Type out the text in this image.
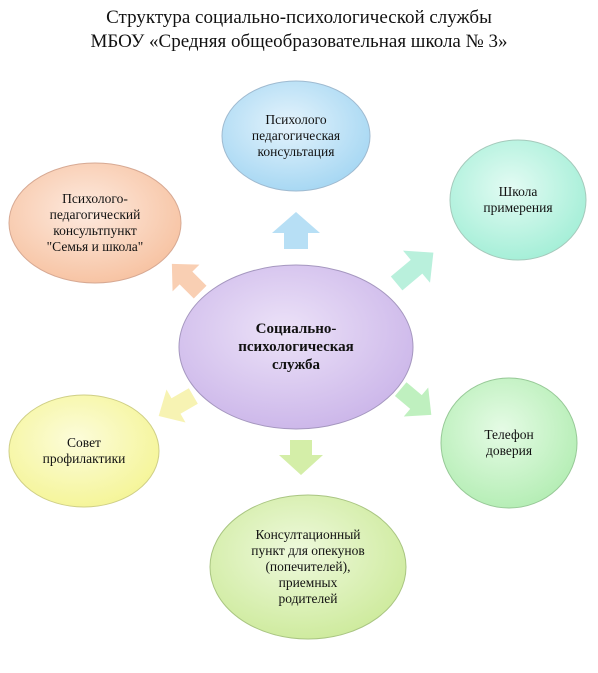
Структура социально-психологической службы
МБОУ «Средняя общеобразовательная школа № 3»
Психолого
педагогическая
консультация
Школа
примерения
Психолого-
педагогический
консультпункт
"Семья и школа"
Совет
профилактики
Телефон
доверия
Консултационный
пункт для опекунов
(попечителей),
приемных
родителей
Социально-
психологическая
служба
